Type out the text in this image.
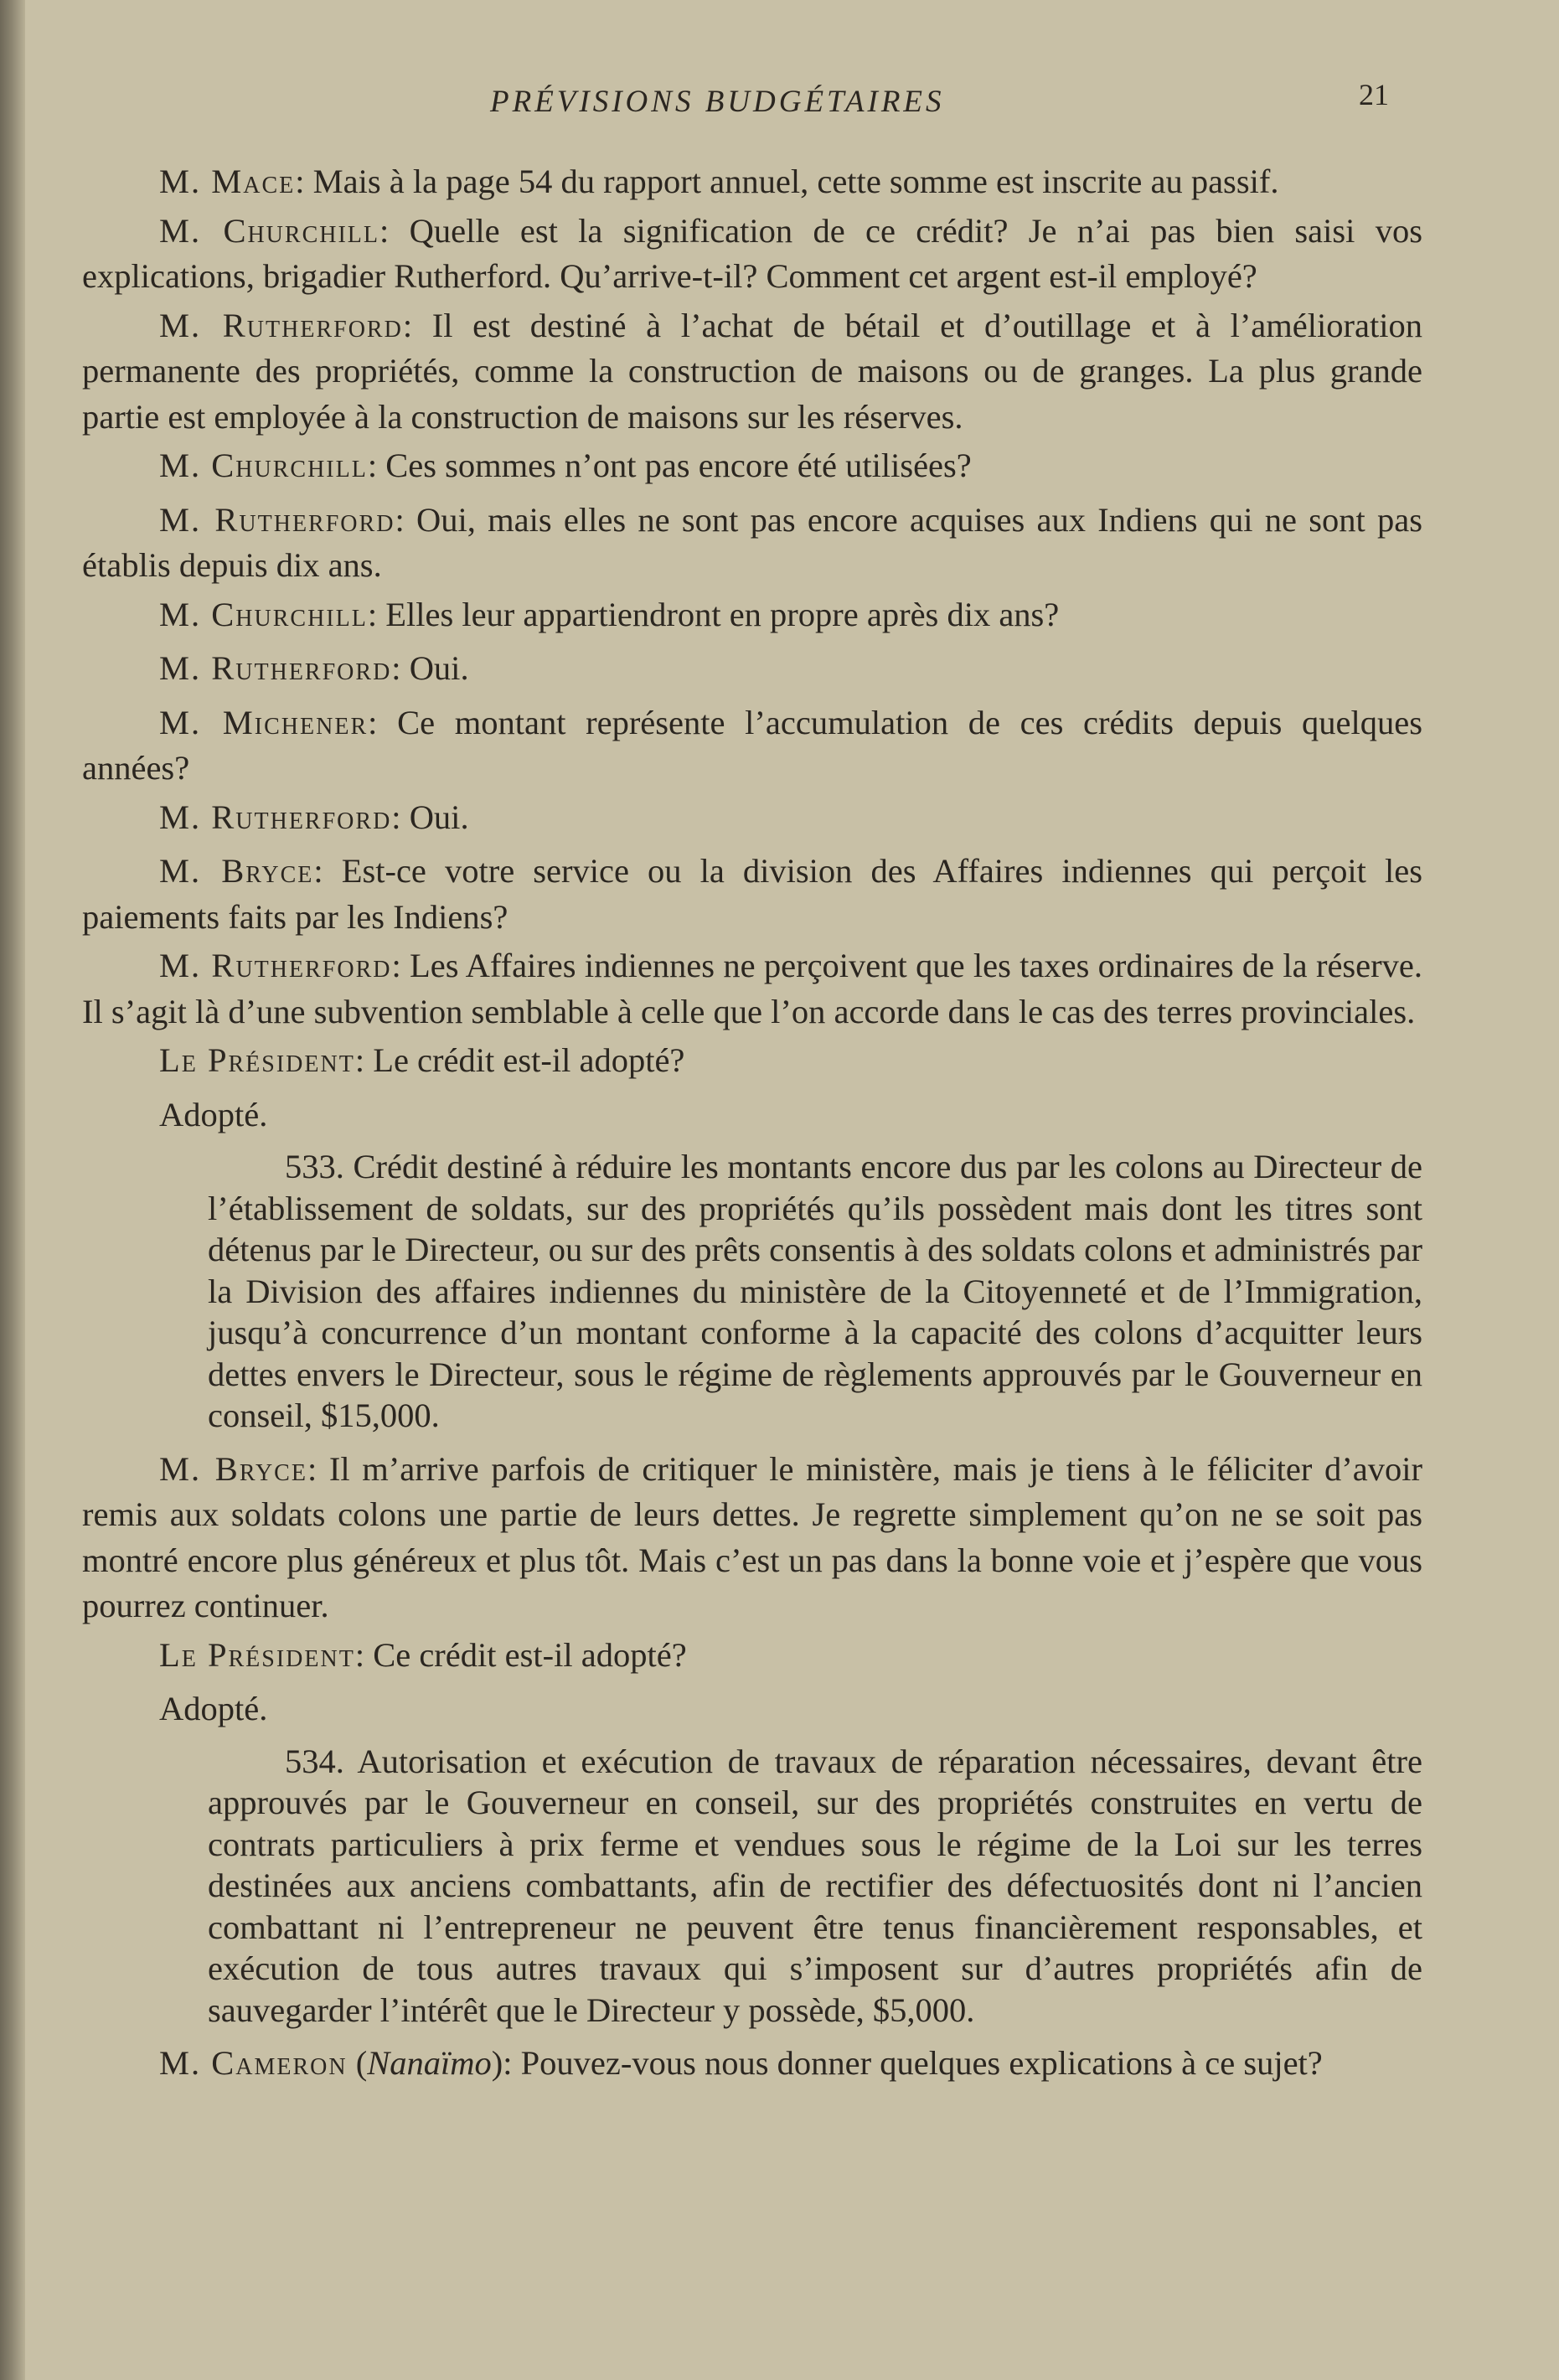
PRÉVISIONS BUDGÉTAIRES	21

M. Mace: Mais à la page 54 du rapport annuel, cette somme est inscrite au passif.

M. Churchill: Quelle est la signification de ce crédit? Je n’ai pas bien saisi vos explications, brigadier Rutherford. Qu’arrive-t-il? Comment cet argent est-il employé?

M. Rutherford: Il est destiné à l’achat de bétail et d’outillage et à l’amélioration permanente des propriétés, comme la construction de maisons ou de granges. La plus grande partie est employée à la construction de maisons sur les réserves.

M. Churchill: Ces sommes n’ont pas encore été utilisées?

M. Rutherford: Oui, mais elles ne sont pas encore acquises aux Indiens qui ne sont pas établis depuis dix ans.

M. Churchill: Elles leur appartiendront en propre après dix ans?

M. Rutherford: Oui.

M. Michener: Ce montant représente l’accumulation de ces crédits depuis quelques années?

M. Rutherford: Oui.

M. Bryce: Est-ce votre service ou la division des Affaires indiennes qui perçoit les paiements faits par les Indiens?

M. Rutherford: Les Affaires indiennes ne perçoivent que les taxes ordinaires de la réserve. Il s’agit là d’une subvention semblable à celle que l’on accorde dans le cas des terres provinciales.

Le Président: Le crédit est-il adopté?

Adopté.

533. Crédit destiné à réduire les montants encore dus par les colons au Directeur de l’établissement de soldats, sur des propriétés qu’ils possèdent mais dont les titres sont détenus par le Directeur, ou sur des prêts consentis à des soldats colons et administrés par la Division des affaires indiennes du ministère de la Citoyenneté et de l’Immigration, jusqu’à concurrence d’un montant conforme à la capacité des colons d’acquitter leurs dettes envers le Directeur, sous le régime de règlements approuvés par le Gouverneur en conseil, $15,000.

M. Bryce: Il m’arrive parfois de critiquer le ministère, mais je tiens à le féliciter d’avoir remis aux soldats colons une partie de leurs dettes. Je regrette simplement qu’on ne se soit pas montré encore plus généreux et plus tôt. Mais c’est un pas dans la bonne voie et j’espère que vous pourrez continuer.

Le Président: Ce crédit est-il adopté?

Adopté.

534. Autorisation et exécution de travaux de réparation nécessaires, devant être approuvés par le Gouverneur en conseil, sur des propriétés construites en vertu de contrats particuliers à prix ferme et vendues sous le régime de la Loi sur les terres destinées aux anciens combattants, afin de rectifier des défectuosités dont ni l’ancien combattant ni l’entrepreneur ne peuvent être tenus financièrement responsables, et exécution de tous autres travaux qui s’imposent sur d’autres propriétés afin de sauvegarder l’intérêt que le Directeur y possède, $5,000.

M. Cameron (Nanaïmo): Pouvez-vous nous donner quelques explications à ce sujet?
